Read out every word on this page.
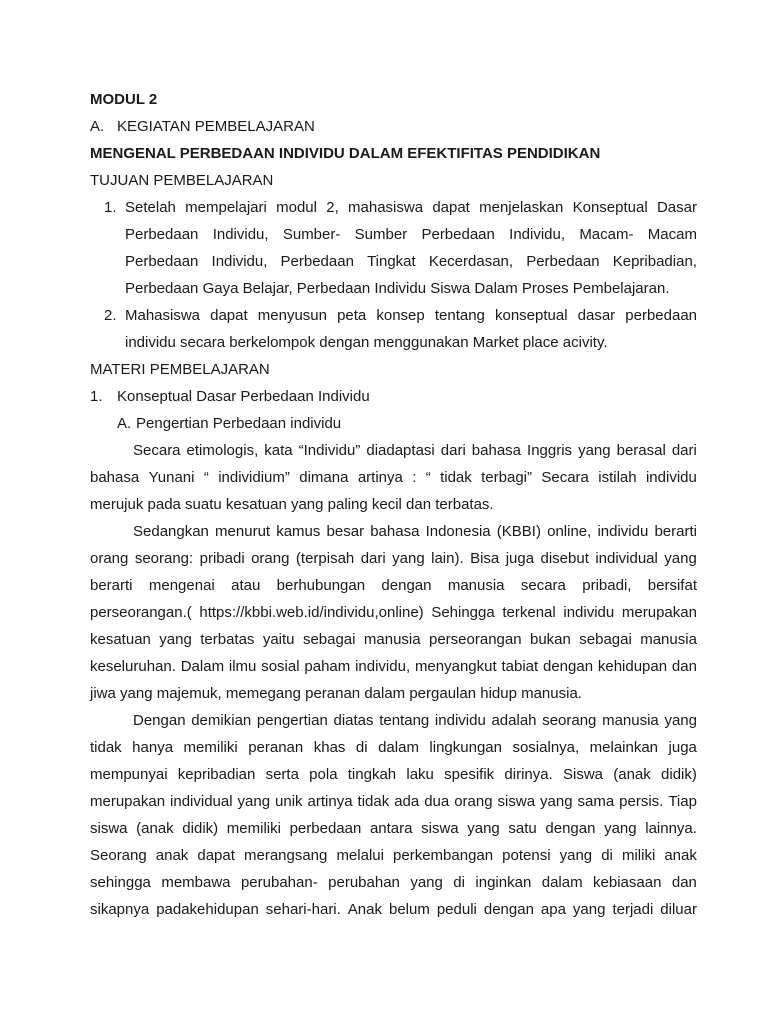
MODUL 2
A. KEGIATAN PEMBELAJARAN
MENGENAL PERBEDAAN INDIVIDU DALAM EFEKTIFITAS PENDIDIKAN
TUJUAN PEMBELAJARAN
1. Setelah mempelajari modul 2, mahasiswa dapat menjelaskan Konseptual Dasar
Perbedaan Individu, Sumber- Sumber Perbedaan Individu, Macam- Macam
Perbedaan Individu, Perbedaan Tingkat Kecerdasan, Perbedaan Kepribadian,
Perbedaan Gaya Belajar, Perbedaan Individu Siswa Dalam Proses Pembelajaran.
2. Mahasiswa dapat menyusun peta konsep tentang konseptual dasar perbedaan
individu secara berkelompok dengan menggunakan Market place acivity.
MATERI PEMBELAJARAN
1. Konseptual Dasar Perbedaan Individu
A. Pengertian Perbedaan individu
Secara etimologis, kata “Individu” diadaptasi dari bahasa Inggris yang berasal dari
bahasa Yunani “ individium” dimana artinya : “ tidak terbagi” Secara istilah individu
merujuk pada suatu kesatuan yang paling kecil dan terbatas.
Sedangkan menurut kamus besar bahasa Indonesia (KBBI) online, individu berarti
orang seorang: pribadi orang (terpisah dari yang lain). Bisa juga disebut individual yang
berarti mengenai atau berhubungan dengan manusia secara pribadi, bersifat
perseorangan.( https://kbbi.web.id/individu,online) Sehingga terkenal individu merupakan
kesatuan yang terbatas yaitu sebagai manusia perseorangan bukan sebagai manusia
keseluruhan. Dalam ilmu sosial paham individu, menyangkut tabiat dengan kehidupan dan
jiwa yang majemuk, memegang peranan dalam pergaulan hidup manusia.
Dengan demikian pengertian diatas tentang individu adalah seorang manusia yang
tidak hanya memiliki peranan khas di dalam lingkungan sosialnya, melainkan juga
mempunyai kepribadian serta pola tingkah laku spesifik dirinya. Siswa (anak didik)
merupakan individual yang unik artinya tidak ada dua orang siswa yang sama persis. Tiap
siswa (anak didik) memiliki perbedaan antara siswa yang satu dengan yang lainnya.
Seorang anak dapat merangsang melalui perkembangan potensi yang di miliki anak
sehingga membawa perubahan- perubahan yang di inginkan dalam kebiasaan dan
sikapnya padakehidupan sehari-hari. Anak belum peduli dengan apa yang terjadi diluar
